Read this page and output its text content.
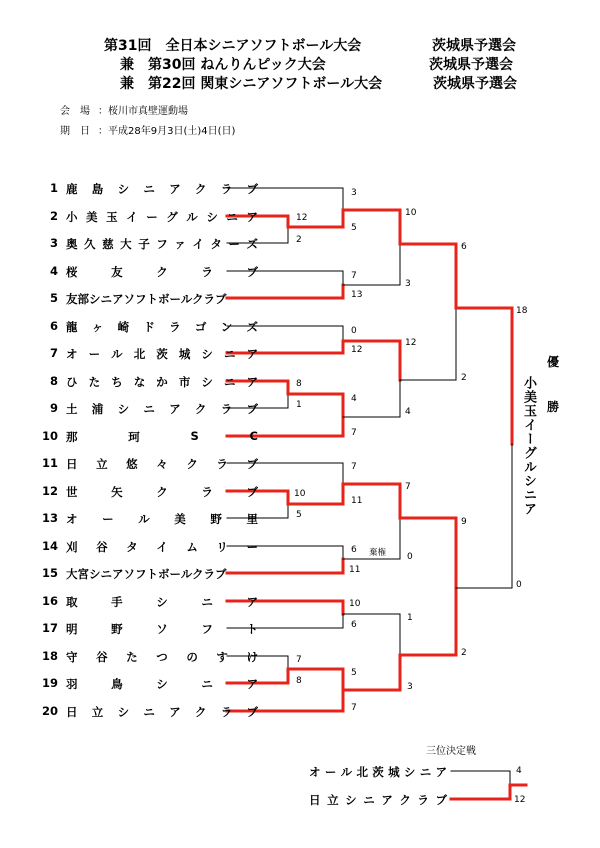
第31回　全日本シニアソフトボール大会	茨城県予選会
兼　第30回 ねんりんピック大会	茨城県予選会
兼　第22回 関東シニアソフトボール大会	茨城県予選会
会　場 ：桜川市真壁運動場
期　日 ：平成28年9月3日(土)4日(日)
1 鹿 島 シ ニ ア ク ラ ブ
2 小 美 玉 イ ー グ ル シ ニ ア
3 奥 久 慈 大 子 フ ァ イ タ ー ズ
4 桜	友	ク	ラ	ブ
5 友部シニアソフトボールクラブ
6 龍 ヶ 崎 ド ラ ゴ ン ズ
7 オ ー ル 北 茨 城 シ ニ ア
8 ひ た ち な か 市 シ ニ ア
9 土 浦 シ ニ ア ク ラ ブ
10 那	珂	S	C
11 日 立 悠 々 ク ラ ブ
12 世	矢	ク	ラ	ブ
13 オ ー ル 美 野 里
14 刈 谷 タ イ ム リ ー
15 大宮シニアソフトボールクラブ
16 取	手	シ	ニ	ア
17 明	野	ソ	フ	ト
18 守 谷 た つ の す け
19 羽	鳥	シ	ニ	ア
20 日 立 シ ニ ア ク ラ ブ
12
2
3
5
10
7
13
3
6
0
12
12
18
8
1
2
4
4
7
7
7
10
11
5
9
6 棄権 0
11
0
10
1
6
2
7
5
8
3
7
優
勝
小美玉イーグルシニア
三位決定戦
オ ー ル 北 茨 城 シ ニ ア
日 立 シ ニ ア ク ラ ブ
4
12
